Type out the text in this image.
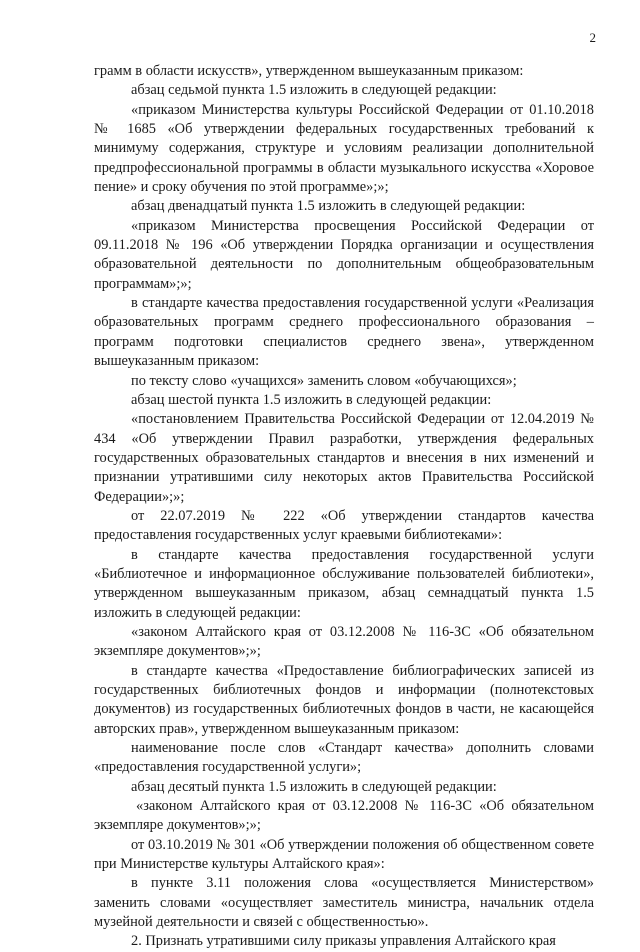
2

грамм в области искусств», утвержденном вышеуказанным приказом:

абзац седьмой пункта 1.5 изложить в следующей редакции:

«приказом Министерства культуры Российской Федерации от 01.10.2018 № 1685 «Об утверждении федеральных государственных требований к минимуму содержания, структуре и условиям реализации дополнительной предпрофессиональной программы в области музыкального искусства «Хоровое пение» и сроку обучения по этой программе»;»;

абзац двенадцатый пункта 1.5 изложить в следующей редакции:

«приказом Министерства просвещения Российской Федерации от 09.11.2018 № 196 «Об утверждении Порядка организации и осуществления образовательной деятельности по дополнительным общеобразовательным программам»;»;

в стандарте качества предоставления государственной услуги «Реализация образовательных программ среднего профессионального образования – программ подготовки специалистов среднего звена», утвержденном вышеуказанным приказом:

по тексту слово «учащихся» заменить словом «обучающихся»;

абзац шестой пункта 1.5 изложить в следующей редакции:

«постановлением Правительства Российской Федерации от 12.04.2019 № 434 «Об утверждении Правил разработки, утверждения федеральных государственных образовательных стандартов и внесения в них изменений и признании утратившими силу некоторых актов Правительства Российской Федерации»;»;

от 22.07.2019 № 222 «Об утверждении стандартов качества предоставления государственных услуг краевыми библиотеками»:

в стандарте качества предоставления государственной услуги «Библиотечное и информационное обслуживание пользователей библиотеки», утвержденном вышеуказанным приказом, абзац семнадцатый пункта 1.5 изложить в следующей редакции:

«законом Алтайского края от 03.12.2008 № 116-ЗС «Об обязательном экземпляре документов»;»;

в стандарте качества «Предоставление библиографических записей из государственных библиотечных фондов и информации (полнотекстовых документов) из государственных библиотечных фондов в части, не касающейся авторских прав», утвержденном вышеуказанным приказом:

наименование после слов «Стандарт качества» дополнить словами «предоставления государственной услуги»;

абзац десятый пункта 1.5 изложить в следующей редакции:

«законом Алтайского края от 03.12.2008 № 116-ЗС «Об обязательном экземпляре документов»;»;

от 03.10.2019 № 301 «Об утверждении положения об общественном совете при Министерстве культуры Алтайского края»:

в пункте 3.11 положения слова «осуществляется Министерством» заменить словами «осуществляет заместитель министра, начальник отдела музейной деятельности и связей с общественностью».

2. Признать утратившими силу приказы управления Алтайского края
